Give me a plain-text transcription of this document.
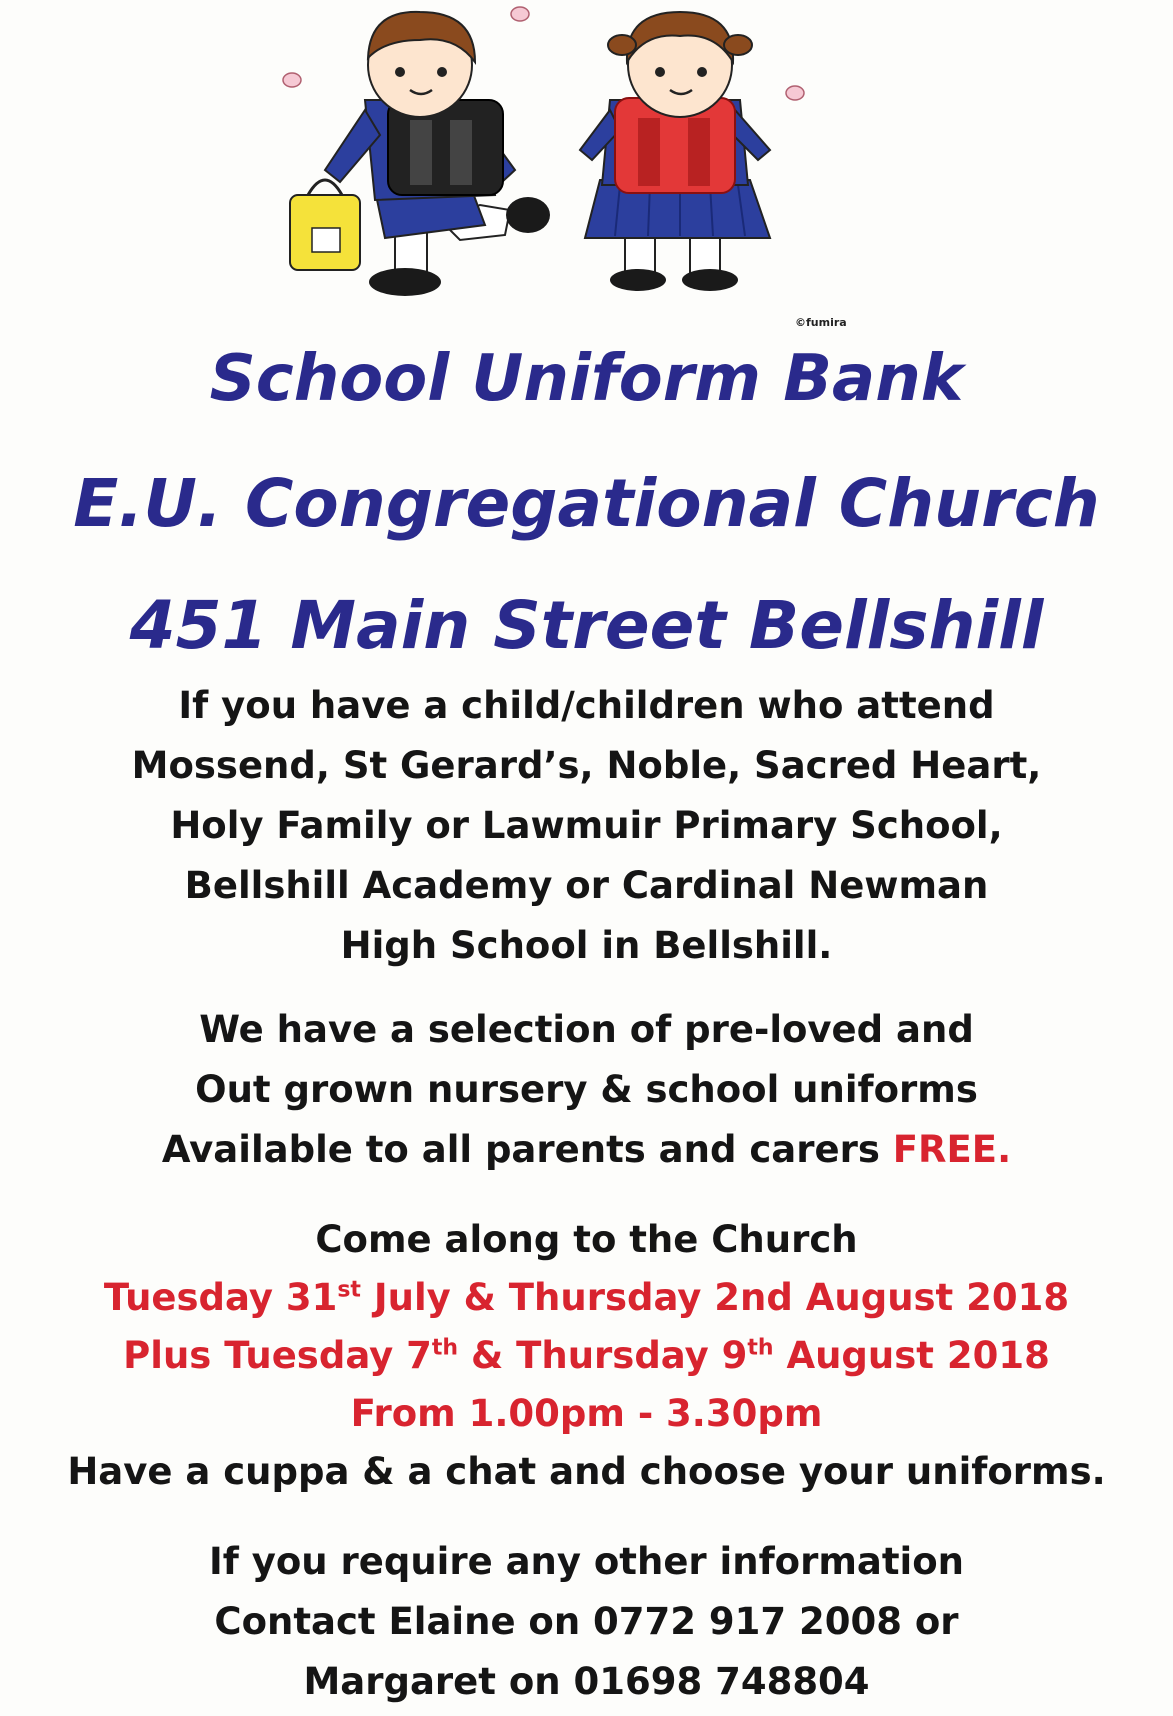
©fumira
School Uniform Bank
E.U. Congregational Church
451 Main Street Bellshill
If you have a child/children who attend
Mossend, St Gerard’s, Noble, Sacred Heart,
Holy Family or Lawmuir Primary School,
Bellshill Academy or Cardinal Newman
High School in Bellshill.
We have a selection of pre-loved and
Out grown nursery & school uniforms
Available to all parents and carers FREE.
Come along to the Church
Tuesday 31st July & Thursday 2nd August 2018
Plus Tuesday 7th & Thursday 9th August 2018
From 1.00pm - 3.30pm
Have a cuppa & a chat and choose your uniforms.
If you require any other information
Contact Elaine on 0772 917 2008 or
Margaret on 01698 748804
